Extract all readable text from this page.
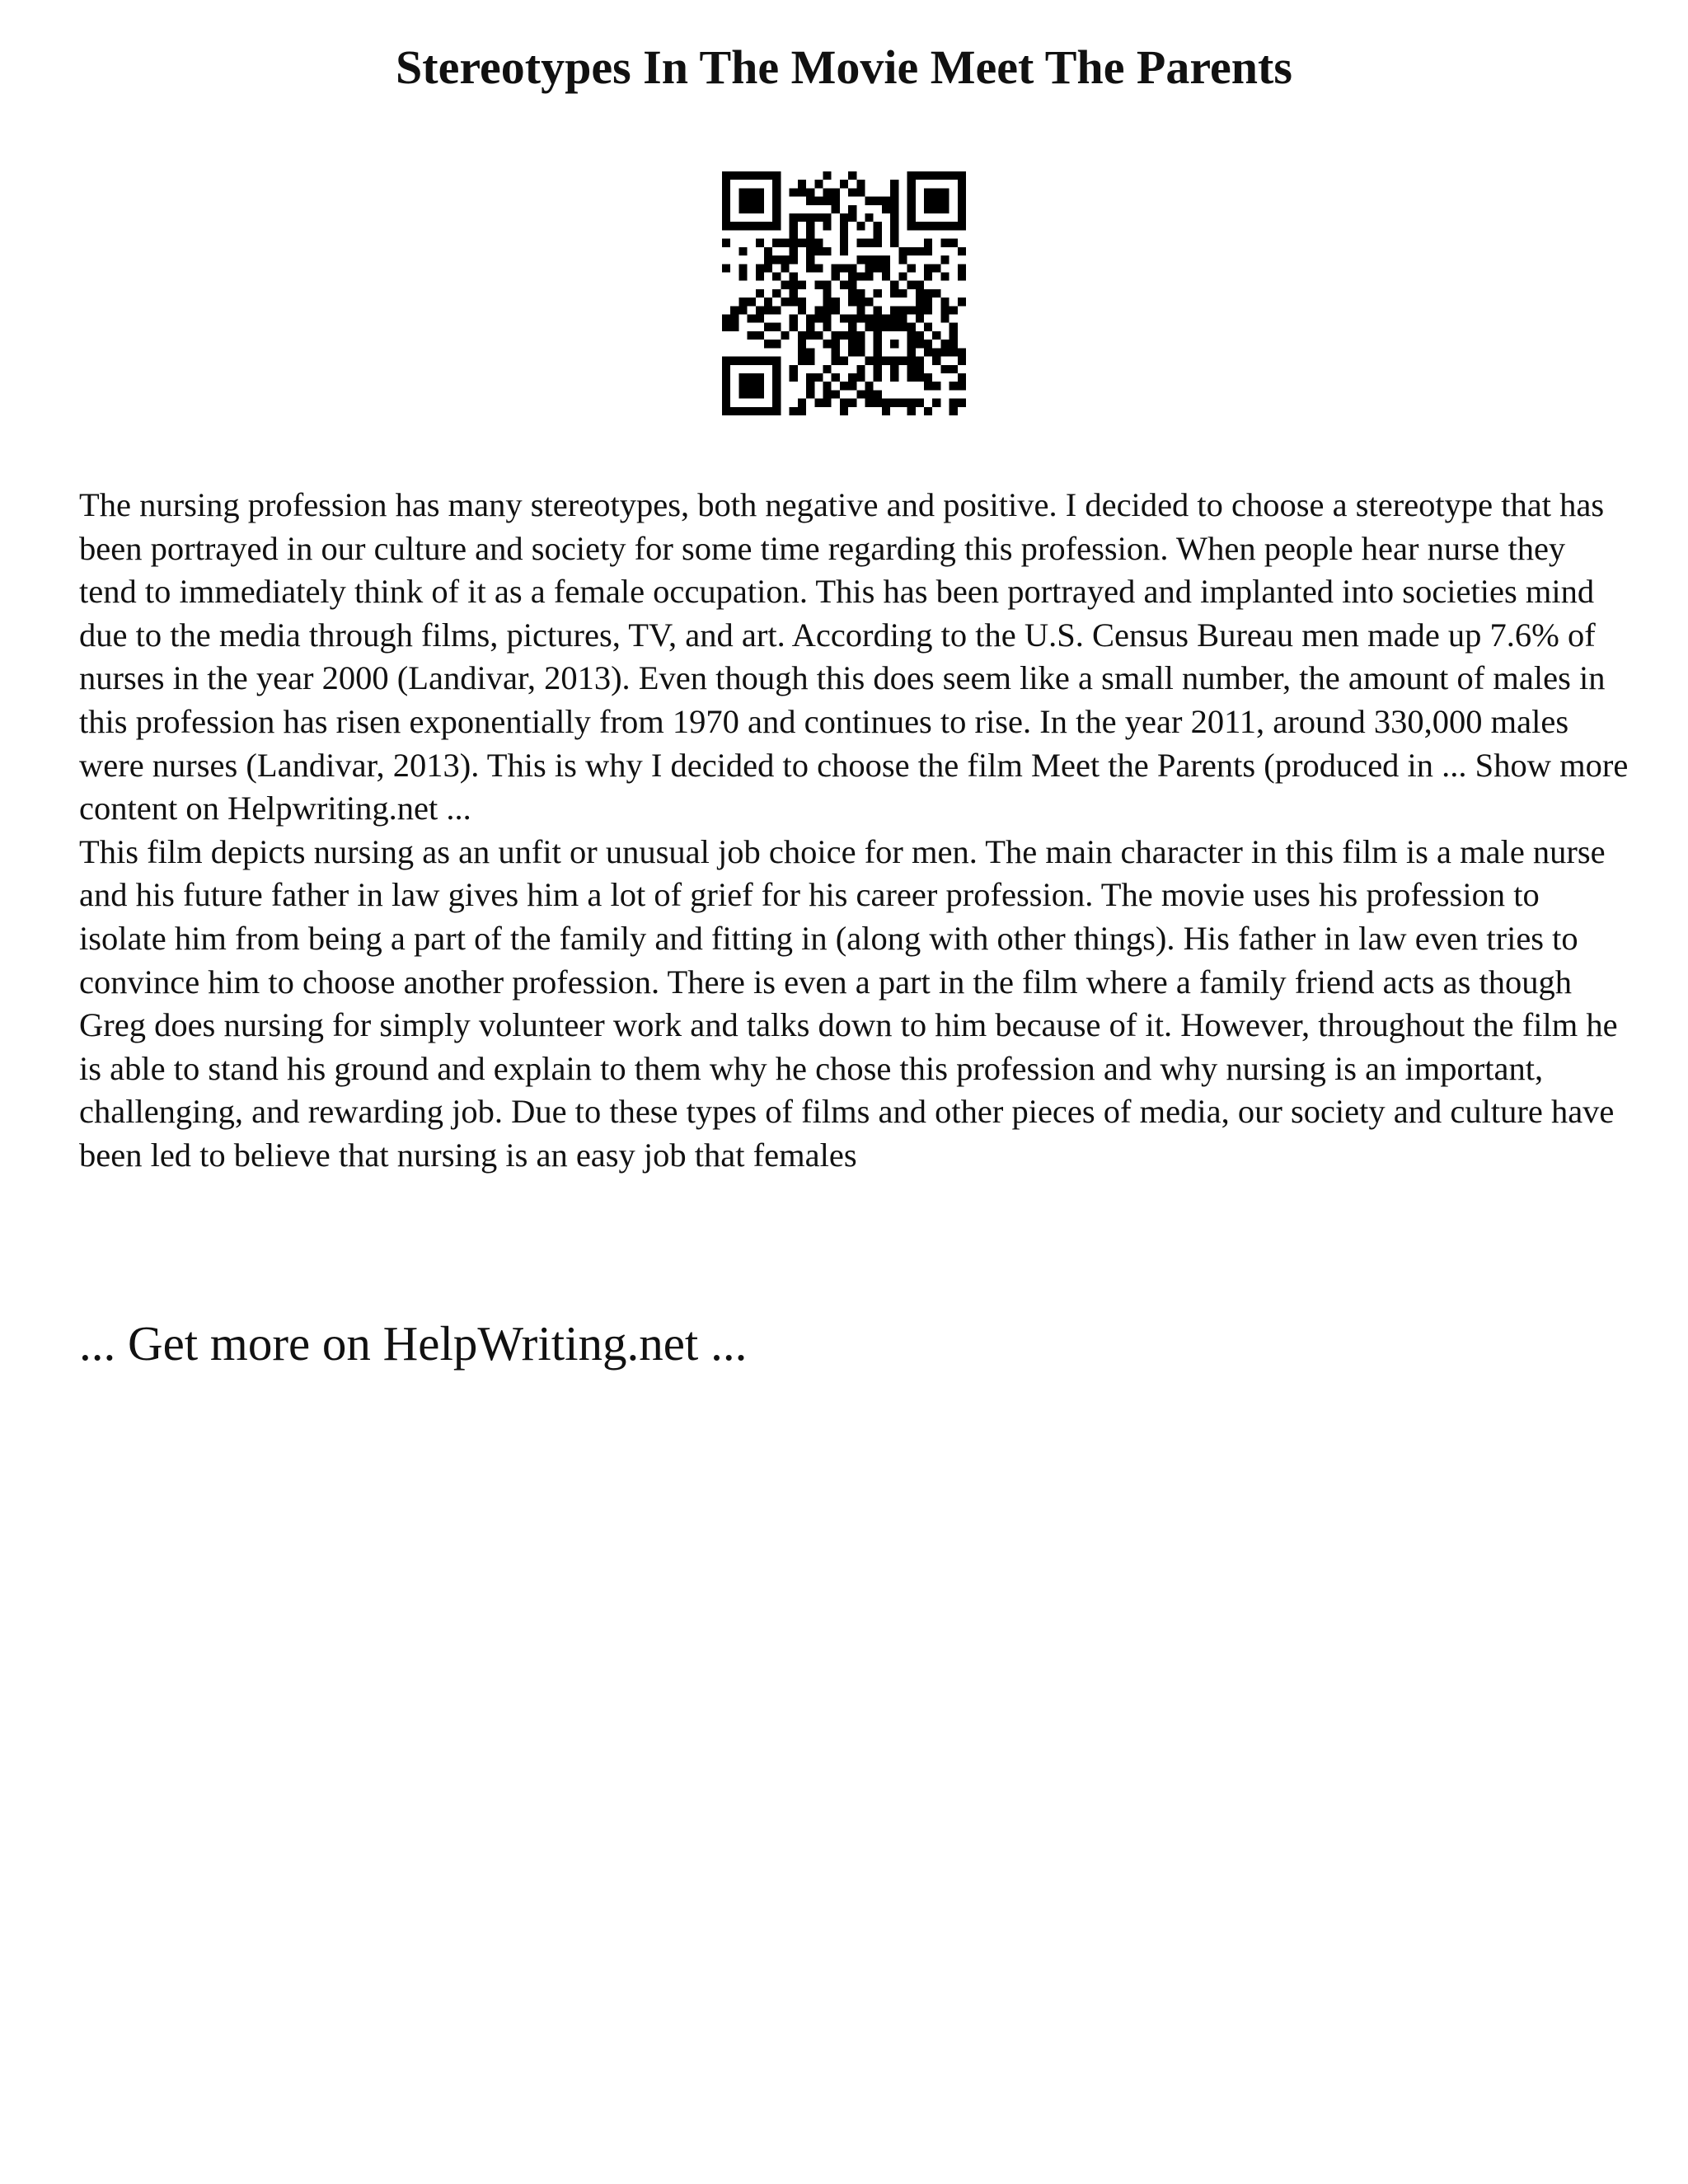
Stereotypes In The Movie Meet The Parents

The nursing profession has many stereotypes, both negative and positive. I decided to choose a stereotype that has been portrayed in our culture and society for some time regarding this profession. When people hear nurse they tend to immediately think of it as a female occupation. This has been portrayed and implanted into societies mind due to the media through films, pictures, TV, and art. According to the U.S. Census Bureau men made up 7.6% of nurses in the year 2000 (Landivar, 2013). Even though this does seem like a small number, the amount of males in this profession has risen exponentially from 1970 and continues to rise. In the year 2011, around 330,000 males were nurses (Landivar, 2013). This is why I decided to choose the film Meet the Parents (produced in ... Show more content on Helpwriting.net ...

This film depicts nursing as an unfit or unusual job choice for men. The main character in this film is a male nurse and his future father in law gives him a lot of grief for his career profession. The movie uses his profession to isolate him from being a part of the family and fitting in (along with other things). His father in law even tries to convince him to choose another profession. There is even a part in the film where a family friend acts as though Greg does nursing for simply volunteer work and talks down to him because of it. However, throughout the film he is able to stand his ground and explain to them why he chose this profession and why nursing is an important, challenging, and rewarding job. Due to these types of films and other pieces of media, our society and culture have been led to believe that nursing is an easy job that females

... Get more on HelpWriting.net ...
